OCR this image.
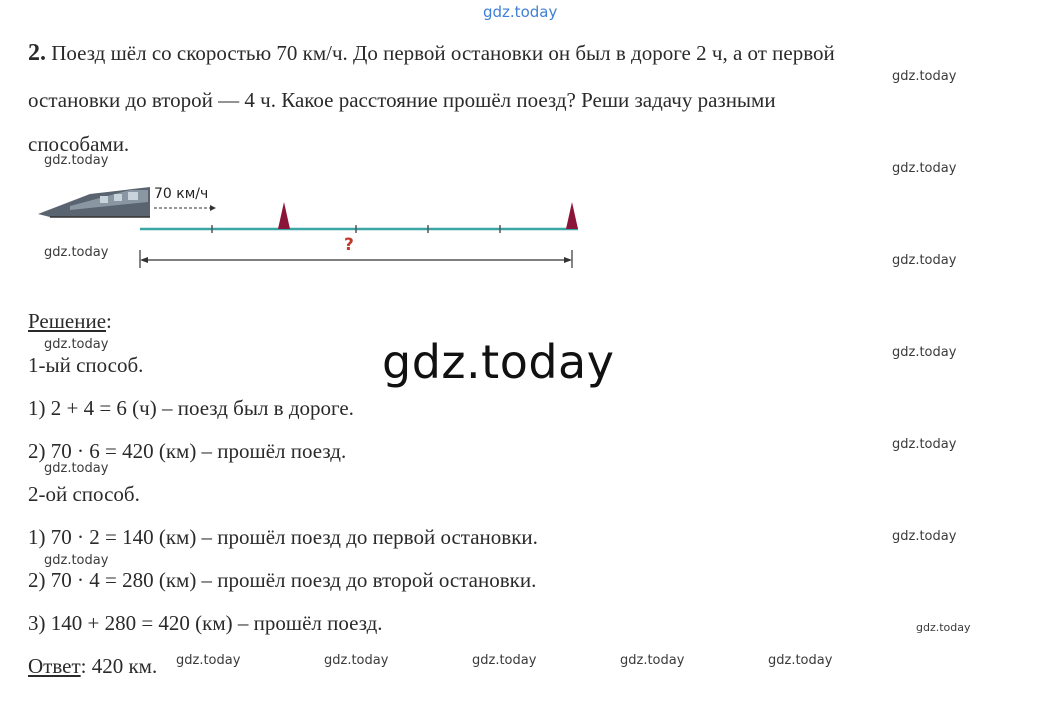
gdz.today
2. Поезд шёл со скоростью 70 км/ч. До первой остановки он был в дороге 2 ч, а от первой
остановки до второй — 4 ч. Какое расстояние прошёл поезд? Реши задачу разными
способами.
70 км/ч
?
Решение:
1-ый способ.
1) 2 + 4 = 6 (ч) – поезд был в дороге.
2) 70 · 6 = 420 (км) – прошёл поезд.
2-ой способ.
1) 70 · 2 = 140 (км) – прошёл поезд до первой остановки.
2) 70 · 4 = 280 (км) – прошёл поезд до второй остановки.
3) 140 + 280 = 420 (км) – прошёл поезд.
Ответ: 420 км.
gdz.today
gdz.today
gdz.today
gdz.today
gdz.today
gdz.today
gdz.today
gdz.today
gdz.today
gdz.today
gdz.today
gdz.today
gdz.today
gdz.today	gdz.today	gdz.today	gdz.today	gdz.today
